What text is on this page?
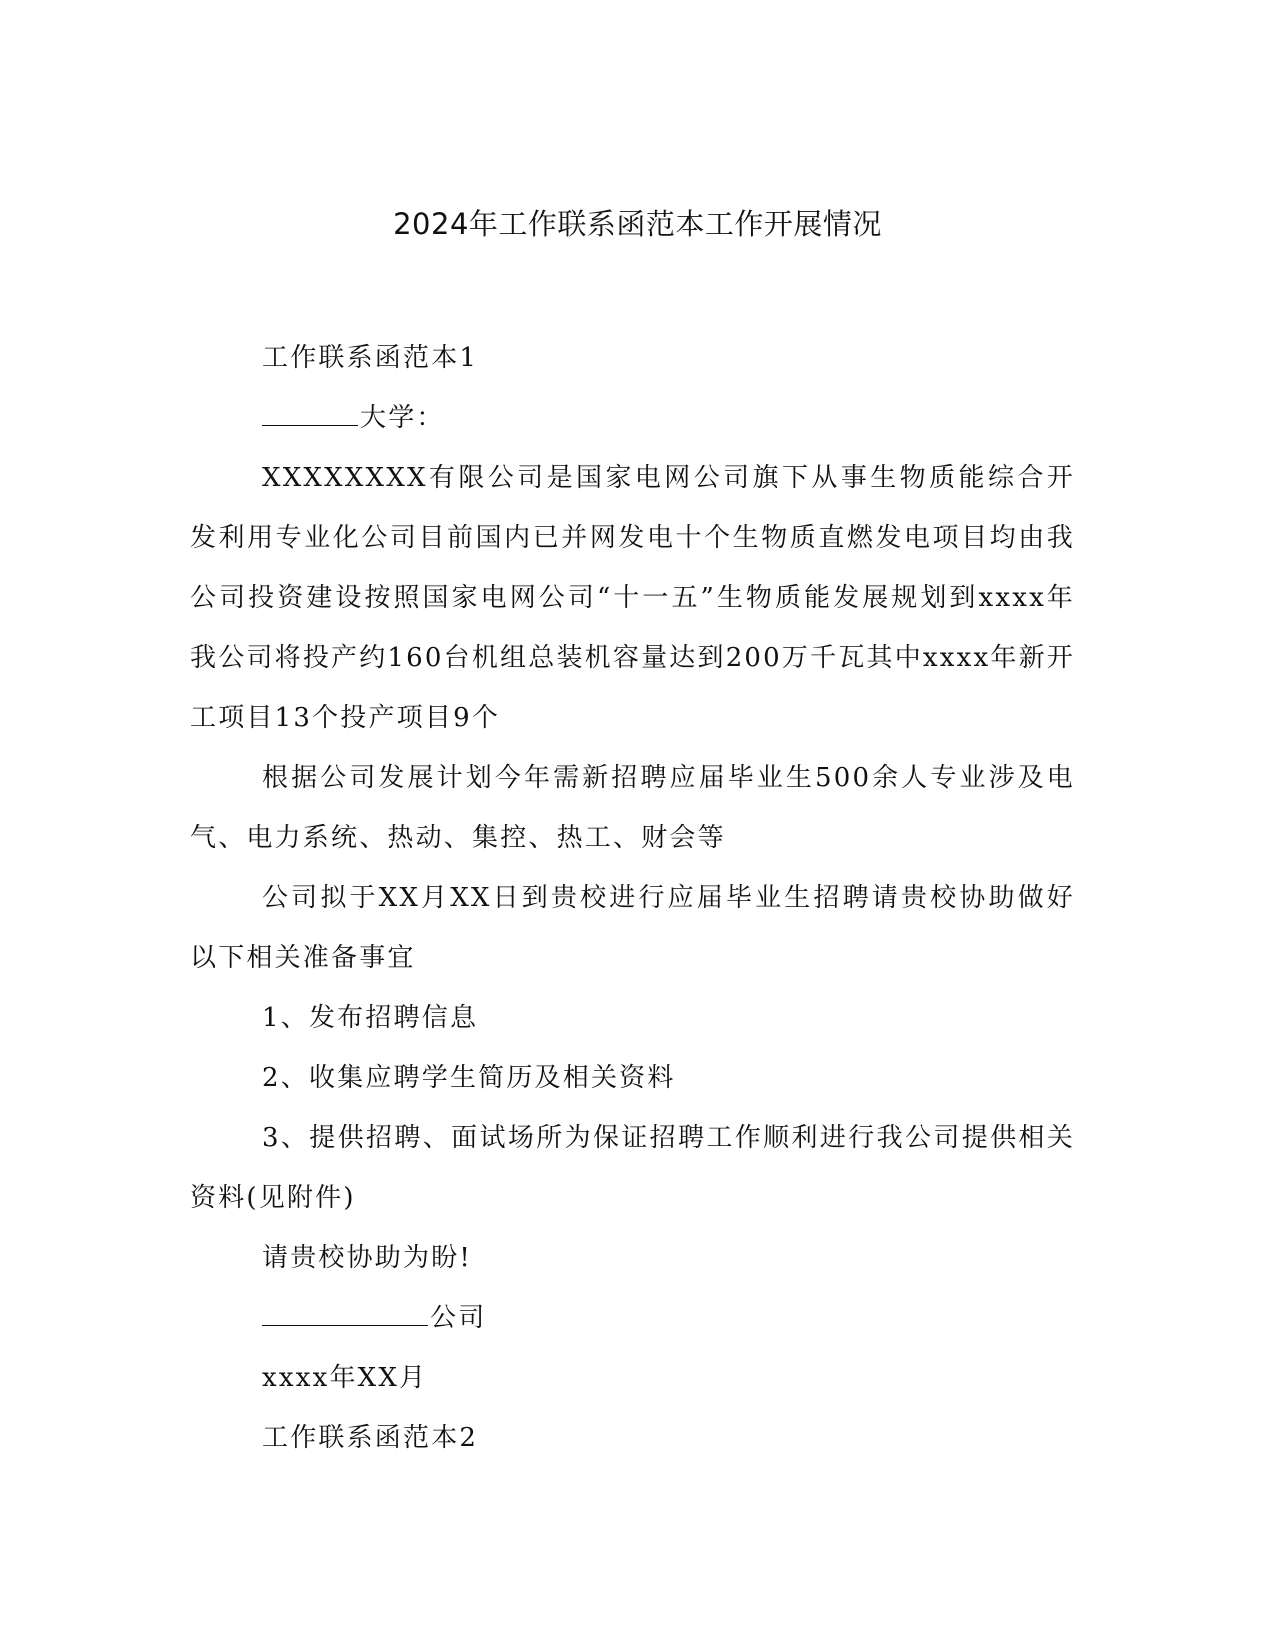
2024年工作联系函范本工作开展情况

工作联系函范本1

大学：

XXXXXXXX有限公司是国家电网公司旗下从事生物质能综合开发利用专业化公司目前国内已并网发电十个生物质直燃发电项目均由我公司投资建设按照国家电网公司“十一五”生物质能发展规划到xxxx年我公司将投产约160台机组总装机容量达到200万千瓦其中xxxx年新开工项目13个投产项目9个

根据公司发展计划今年需新招聘应届毕业生500余人专业涉及电气、电力系统、热动、集控、热工、财会等

公司拟于XX月XX日到贵校进行应届毕业生招聘请贵校协助做好以下相关准备事宜

1、发布招聘信息

2、收集应聘学生简历及相关资料

3、提供招聘、面试场所为保证招聘工作顺利进行我公司提供相关资料(见附件)

请贵校协助为盼!

公司

xxxx年XX月

工作联系函范本2
